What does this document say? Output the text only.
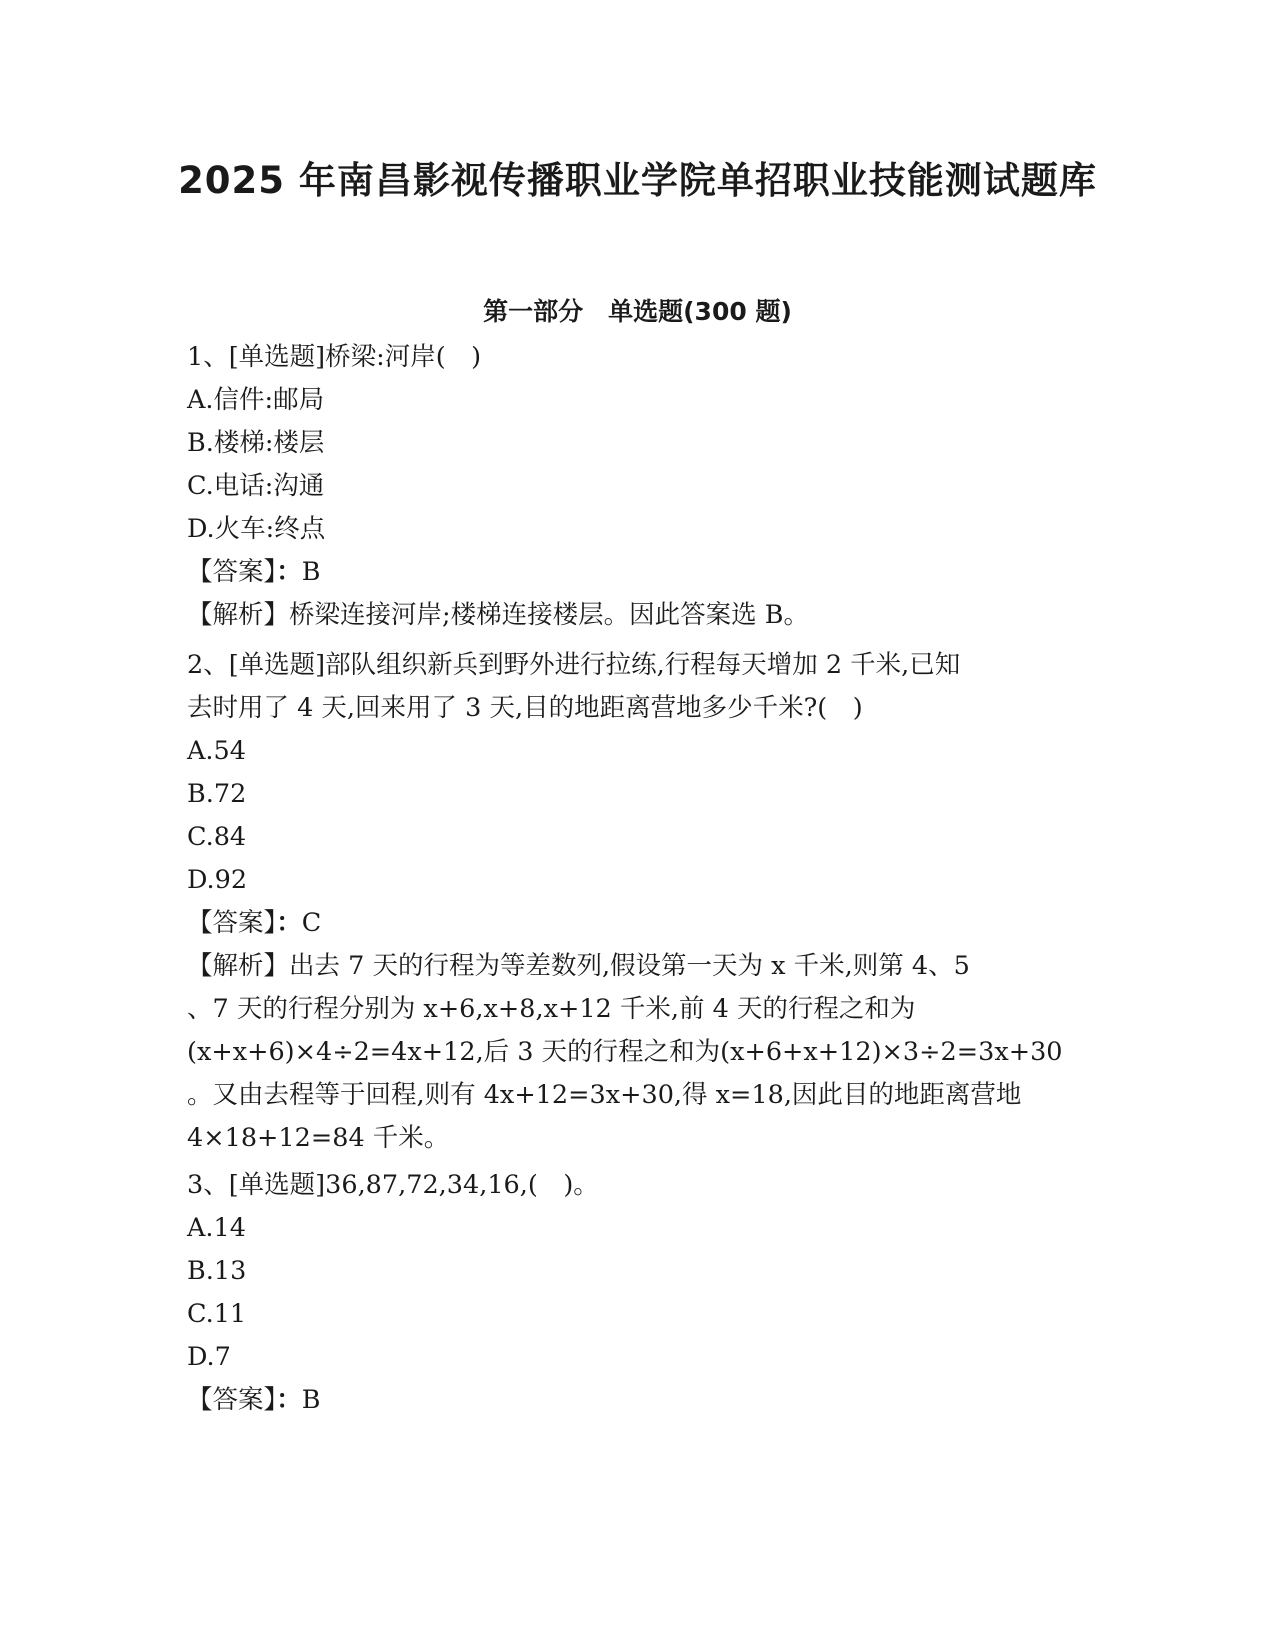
2025 年南昌影视传播职业学院单招职业技能测试题库
第一部分　单选题(300 题)
1、[单选题]桥梁:河岸(　)
A.信件:邮局
B.楼梯:楼层
C.电话:沟通
D.火车:终点
【答案】：B
【解析】桥梁连接河岸;楼梯连接楼层。因此答案选 B。
2、[单选题]部队组织新兵到野外进行拉练,行程每天增加 2 千米,已知
去时用了 4 天,回来用了 3 天,目的地距离营地多少千米?(　)
A.54
B.72
C.84
D.92
【答案】：C
【解析】出去 7 天的行程为等差数列,假设第一天为 x 千米,则第 4、5
、7 天的行程分别为 x+6,x+8,x+12 千米,前 4 天的行程之和为
(x+x+6)×4÷2=4x+12,后 3 天的行程之和为(x+6+x+12)×3÷2=3x+30
。又由去程等于回程,则有 4x+12=3x+30,得 x=18,因此目的地距离营地
4×18+12=84 千米。
3、[单选题]36,87,72,34,16,(　)。
A.14
B.13
C.11
D.7
【答案】：B
